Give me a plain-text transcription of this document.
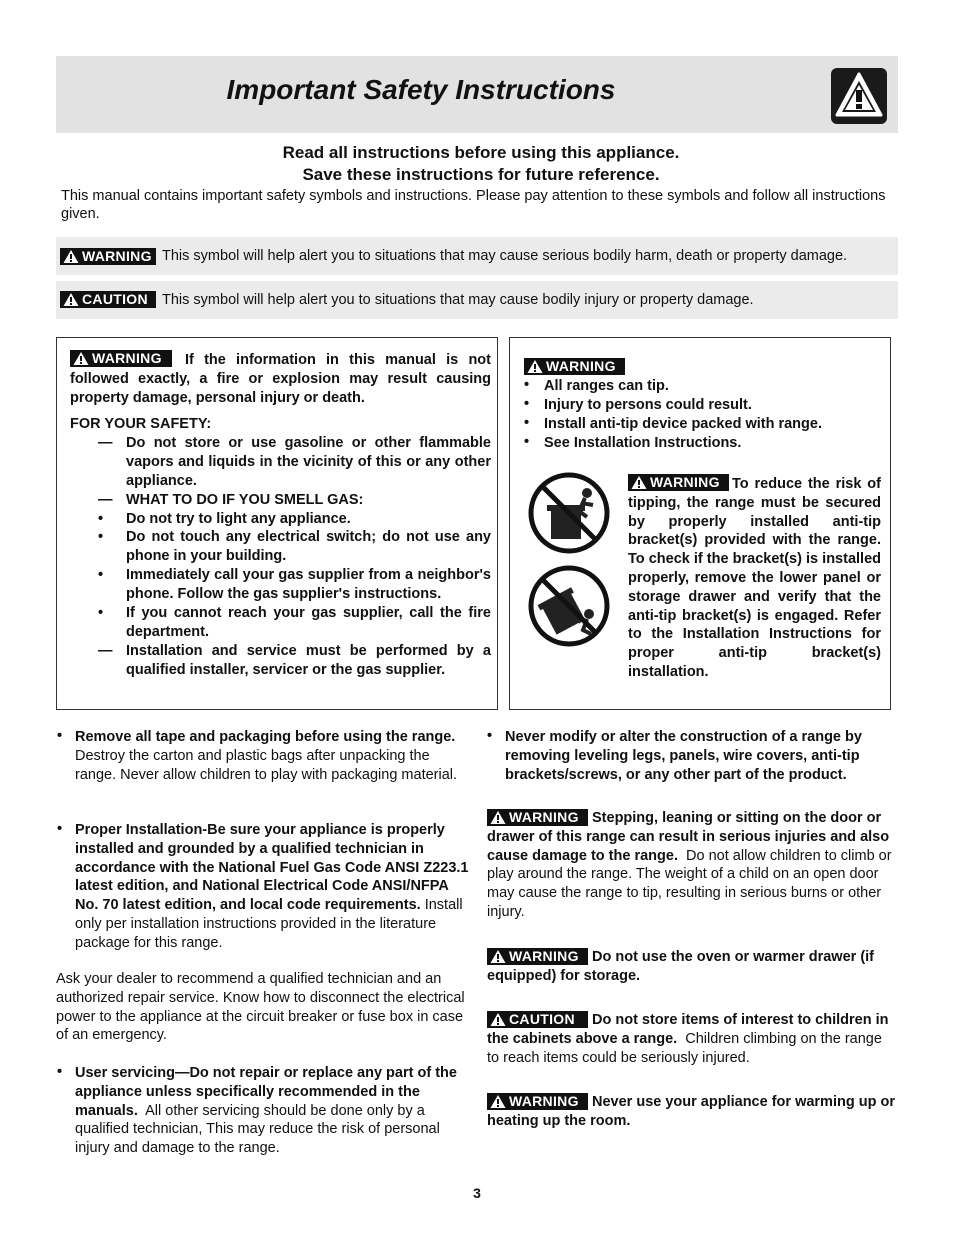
Important Safety Instructions
Read all instructions before using this appliance.
Save these instructions for future reference.
This manual contains important safety symbols and instructions. Please pay attention to these symbols and follow all instructions given.
WARNING This symbol will help alert you to situations that may cause serious bodily harm, death or property damage.
CAUTION This symbol will help alert you to situations that may cause bodily injury or property damage.
WARNING	If the information in this manual is not followed exactly, a fire or explosion may result causing property damage, personal injury or death.
FOR YOUR SAFETY:
— Do not store or use gasoline or other flammable vapors and liquids in the vicinity of this or any other appliance.
— WHAT TO DO IF YOU SMELL GAS:
• Do not try to light any appliance.
• Do not touch any electrical switch; do not use any phone in your building.
• Immediately call your gas supplier from a neighbor's phone. Follow the gas supplier's instructions.
• If you cannot reach your gas supplier, call the fire department.
— Installation and service must be performed by a qualified installer, servicer or the gas supplier.
WARNING
WARNING To reduce the risk of tipping, the range must be secured by properly installed anti-tip bracket(s) provided with the range. To check if the bracket(s) is installed properly, remove the lower panel or storage drawer and verify that the anti-tip bracket(s) is engaged. Refer to the Installation Instructions for proper anti-tip bracket(s) installation.
• All ranges can tip.
• Injury to persons could result.
• Install anti-tip device packed with range.
• See Installation Instructions.
• Remove all tape and packaging before using the range.  Destroy the carton and plastic bags after unpacking the range. Never allow children to play with packaging material.
• Proper Installation-Be sure your appliance is properly installed and grounded by a qualified technician in accordance with the National Fuel Gas Code ANSI Z223.1 latest edition, and National Electrical Code ANSI/NFPA No. 70 latest edition, and local code requirements. Install only per installation instructions provided in the literature package for this range.
Ask your dealer to recommend a qualified technician and an authorized repair service. Know how to disconnect the electrical power to the appliance at the circuit breaker or fuse box in case of an emergency.
• User servicing—Do not repair or replace any part of the appliance unless specifically recommended in the manuals. All other servicing should be done only by a qualified technician, This may reduce the risk of personal injury and damage to the range.
• Never modify or alter the construction of a range by removing leveling legs, panels, wire covers, anti-tip brackets/screws, or any other part of the product.
WARNING Stepping, leaning or sitting on the door or drawer of this range can result in serious injuries and also cause damage to the range. Do not allow children to climb or play around the range. The weight of a child on an open door may cause the range to tip, resulting in serious burns or other injury.
WARNING Do not use the oven or warmer drawer (if equipped) for storage.
CAUTION	Do not store items of interest to children in the cabinets above a range. Children climbing on the range to reach items could be seriously injured.
WARNING Never use your appliance for warming up or heating up the room.
3
